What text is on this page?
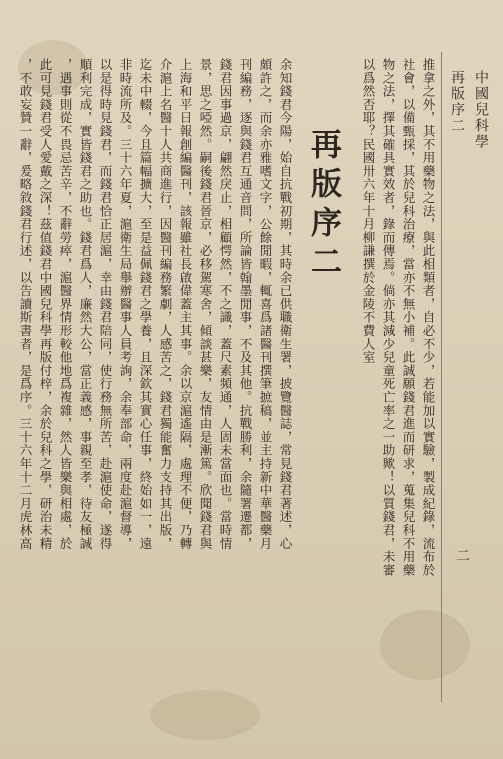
中國兒科學
再版序二
二
推拿之外，其不用藥物之法，與此相類者，自必不少，若能加以實驗，製成紀錄，流布於
社會，以備甄採，其於兒科治療，當亦不無小補。此誠願錢君進而研求，蒐集兒科不用藥
物之法，擇其確具實效者，錄而傳焉。倘亦其減少兒童死亡率之一助歟！以質錢君，未審
以爲然否耶？民國卅六年十月柳謙撰於金陵不費人室
再版序二
余知錢君今陽，始自抗戰初期，其時余已供職衛生署，披覽醫誌，常見錢君著述，心
頗許之，而余亦雅嗜文字，公餘閒暇，輒喜爲諸醫刊撰筆摭稿，並主持新中華醫藥月
刊編務，逐與錢君互通音問，所論皆翰墨閒事，不及其他。抗戰勝利，余隨署遷都，
錢君因事過京，翩然戾止，相顧愕然，不之識，蓋尺素頻通，人固未當面也。當時情
景，思之啞然。嗣後錢君晉京，必移駕寒舍，傾談甚樂，友情由是漸篤。欣聞錢君與
上海和平日報創編醫刊，該報雖社長啟偉蓋主其事。余以京滬遙隔，處理不便，乃轉
介滬上名醫十人共商進行，因醫刊編務繁劇，人感苦之，錢君獨能奮力支持其出版，
迄未中輟，今且篇幅擴大，至是益佩錢君之學養，且深欽其實心任事，終始如一，遠
非時流所及。三十六年夏，滬衛生局舉辦醫事人員考詢，余奉部命，兩度赴滬督導，
以是得時見錢君，而錢君恰正居滬，幸由錢君陪同，使行務無所苦，赴滬使命，遂得
順利完成，實皆錢君之助也。錢君爲人，廉然大公，當正義感，事親至孝，待友極誠
，遇事則從不畏忌苦辛，不辭勞瘁，滬醫界情形較他地爲複雜，然人皆樂與相處，於
此可見錢君受人愛戴之深！茲值錢君中國兒科學再版付梓，余於兒科之學，研治未精
，不敢妄贊一辭，爰略敘錢君行述，以告讀斯書者，是爲序。三十六年十二月虎林高
